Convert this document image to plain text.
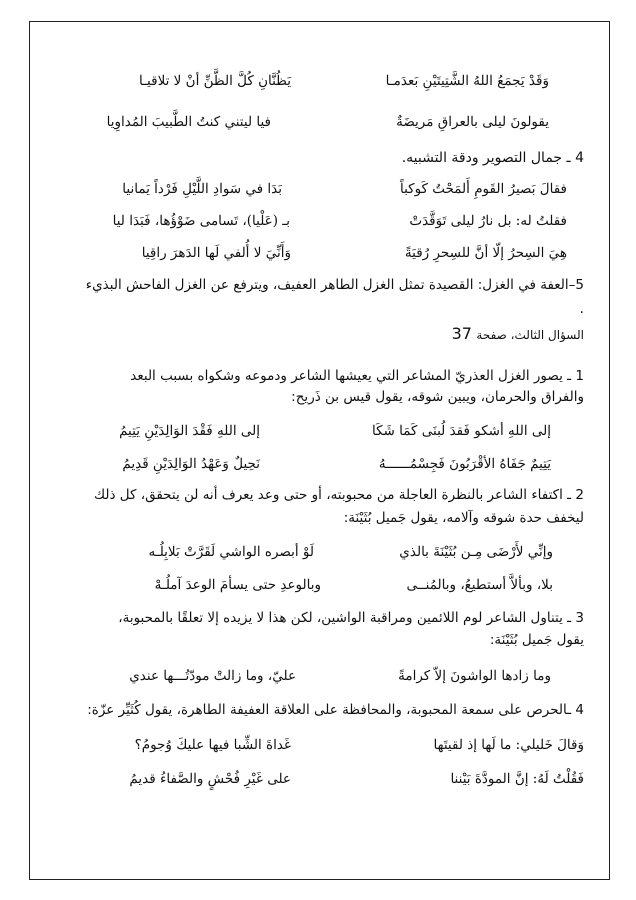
وَقَدْ يَجمَعُ اللهُ الشَّتِيتَيْنِ بَعدَمـا
يَظُنَّانِ كُلَّ الظَّنِّ أنْ لا تلاقيـا
يقولونَ ليلى بالعراقِ مَريضَةٌ
فيا ليتني كنتُ الطَّبيبَ المُداوِيا
4 ـ جمال التصوير ودقة التشبيه.
فقالَ بَصيرُ القَومِ أَلمَحْتُ كَوكباً
بَدَا في سَوادِ اللَّيْلِ فَرْداً يَمانيا
فقلتُ له: بل نارُ ليلى تَوَقَّدَتْ
بـ (عَلْيا)، تَسامى ضَوْؤُها، فَبَدَا ليا
هِيَ السِحرُ إلّا أنَّ للسِحرِ رُقيَةً
وَأَنِّيَ لا أُلفي لَها الدَهرَ راقِيا
5–العفة في الغزل: القصيدة تمثل الغزل الطاهر العفيف، ويترفع عن الغزل الفاحش البذيء
.
السؤال الثالث، صفحة 37
1 ـ يصور الغزل العذريّ المشاعر التي يعيشها الشاعر ودموعه وشكواه بسبب البعد
والفراق والحرمان، ويبين شوقه، يقول قيس بن ذَريح:
إلى اللهِ أشكو فَقدَ لُبنَى كَمَا شَكَا
إلى اللهِ فَقْدَ الوَالِدَيْنِ يَتِيمُ
يَتِيمٌ جَفَاهُ الأقْرَبُونَ فَجِسْمُــــــهُ
نَحِيلٌ وَعَهْدُ الوَالِدَيْنِ قَدِيمُ
2 ـ اكتفاء الشاعر بالنظرة العاجلة من محبوبته، أو حتى وعد يعرف أنه لن يتحقق، كل ذلك
ليخفف حدة شوقه وآلامه، يقول جَميل بُثَيْنَة:
وإنِّي لأَرْضَى مِـن بُثَيْنَةَ بالذي
لَوْ أبصره الواشي لَقَرَّتْ بَلابِلُـه
بلا، وبألاَّ أستطيعُ، وبالمُنــى
وبالوعدِ حتى يسأمَ الوعدَ آملُـهْ
3 ـ يتناول الشاعر لوم اللائمين ومراقبة الواشين، لكن هذا لا يزيده إلا تعلقًا بالمحبوبة،
يقول جَميل بُثَيْنَة:
وما زادها الواشونَ إلاّ كرامةً
عليّ، وما زالتْ مودّتُـــها عندي
4 ـالحرص على سمعة المحبوبة، والمحافظة على العلاقة العفيفة الطاهرة، يقول كُثَيِّر عزّة:
وَقالَ خَليلي: ما لَها إذ لقيتَها
غَداةَ الشِّبا فيها عليكَ وُجومُ؟
فَقُلْتُ لَهُ: إنَّ المودَّةَ بَيْننا
على غَيْرِ فُحْشٍ والصَّفاءُ قديمُ
